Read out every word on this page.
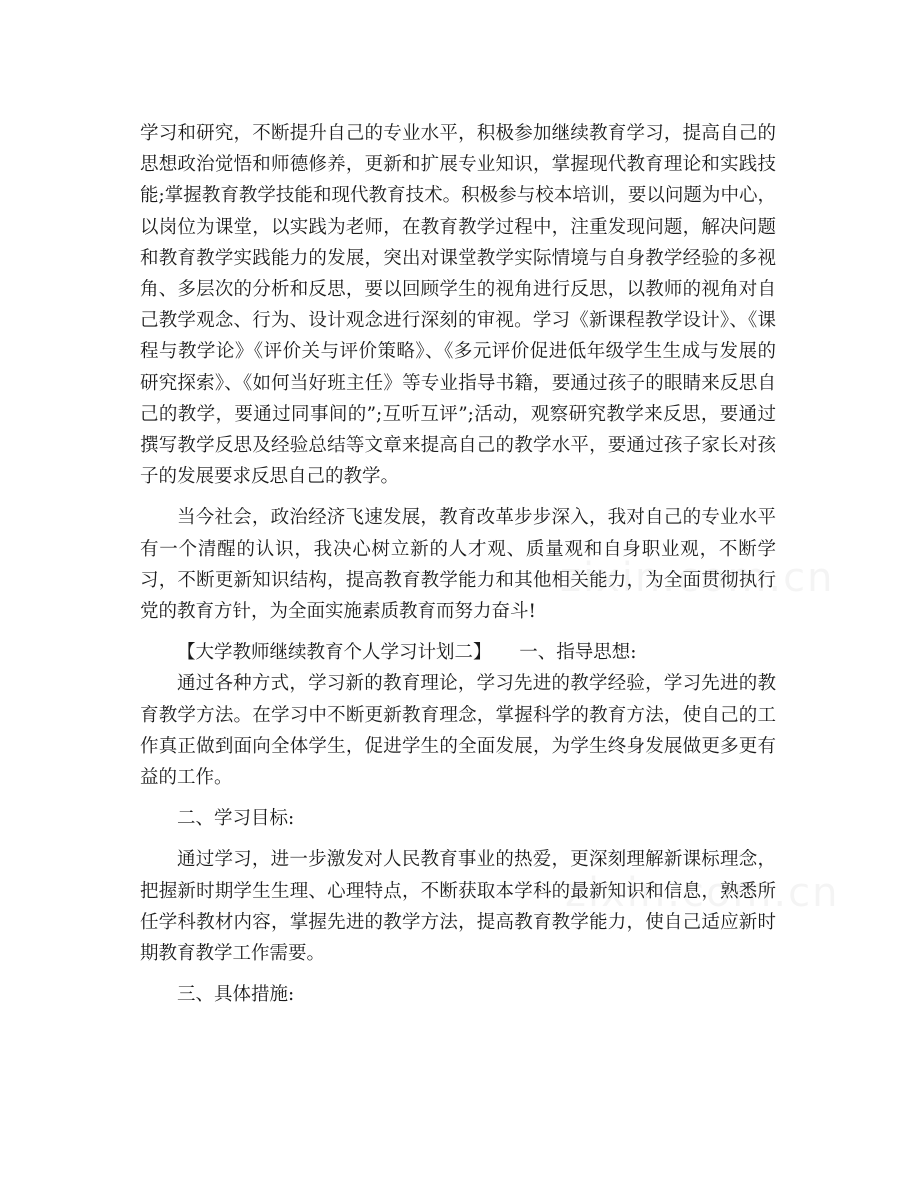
学习和研究，不断提升自己的专业水平，积极参加继续教育学习，提高自己的思想政治觉悟和师德修养，更新和扩展专业知识，掌握现代教育理论和实践技能;掌握教育教学技能和现代教育技术。积极参与校本培训，要以问题为中心，以岗位为课堂，以实践为老师，在教育教学过程中，注重发现问题，解决问题和教育教学实践能力的发展，突出对课堂教学实际情境与自身教学经验的多视角、多层次的分析和反思，要以回顾学生的视角进行反思，以教师的视角对自己教学观念、行为、设计观念进行深刻的审视。学习《新课程教学设计》、《课程与教学论》《评价关与评价策略》、《多元评价促进低年级学生生成与发展的研究探索》、《如何当好班主任》等专业指导书籍，要通过孩子的眼睛来反思自己的教学，要通过同事间的”;互听互评”;活动，观察研究教学来反思，要通过撰写教学反思及经验总结等文章来提高自己的教学水平，要通过孩子家长对孩子的发展要求反思自己的教学。

当今社会，政治经济飞速发展，教育改革步步深入，我对自己的专业水平有一个清醒的认识，我决心树立新的人才观、质量观和自身职业观，不断学习，不断更新知识结构，提高教育教学能力和其他相关能力，为全面贯彻执行党的教育方针，为全面实施素质教育而努力奋斗!

【大学教师继续教育个人学习计划二】　　一、指导思想:

通过各种方式，学习新的教育理论，学习先进的教学经验，学习先进的教育教学方法。在学习中不断更新教育理念，掌握科学的教育方法，使自己的工作真正做到面向全体学生，促进学生的全面发展，为学生终身发展做更多更有益的工作。

二、学习目标:

通过学习，进一步激发对人民教育事业的热爱，更深刻理解新课标理念，把握新时期学生生理、心理特点，不断获取本学科的最新知识和信息，熟悉所任学科教材内容，掌握先进的教学方法，提高教育教学能力，使自己适应新时期教育教学工作需要。

三、具体措施:
